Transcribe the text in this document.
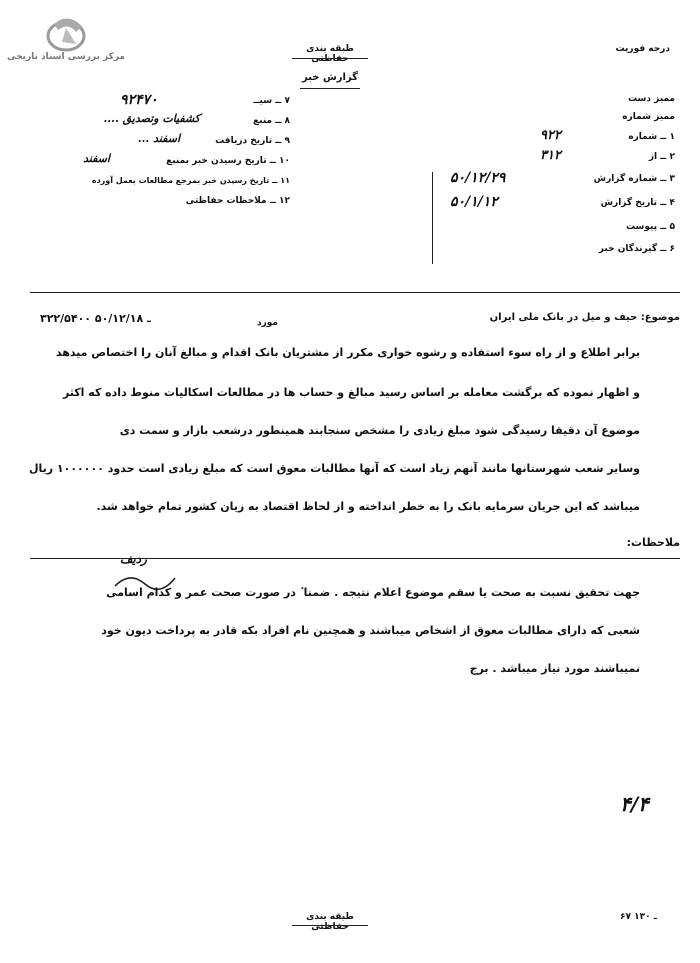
مرکز بررسی اسناد تاریخی
طبقه بندی حفاظتی
گزارش خبر
درجه فوریت
ممیز دست
ممیز شماره
۱ ــ شماره
۹۲۲
۲ ــ از
۳۱۲
۳ ــ شماره گزارش
۵۰/۱۲/۲۹
۴ ــ تاریخ گزارش
۵۰/۱/۱۲
۵ ــ پیوست
۶ ــ گیرندگان خبر
۷ ــ سیــ
۹۲۴۷۰
۸ ــ منبع
کشفیات وتصدیق ....
۹ ــ تاریخ دریافت
اسفند ...
۱۰ ــ تاریخ رسیدن خبر بمنبع
اسفند
۱۱ ــ تاریخ رسیدن خبر بمرجع مطالعات بعمل آورده
۱۲ ــ ملاحظات حفاظتی
موضوع: حیف و میل در بانک ملی ایران
مورد
۳۲۲/۵۴۰۰ ـ ۵۰/۱۲/۱۸
برابر اطلاع و از راه سوء استفاده و رشوه خواری مکرر از مشتریان بانک اقدام و مبالغ آنان را اختصاص میدهد
و اظهار نموده که برگشت معامله بر اساس رسید مبالغ و حساب ها در مطالعات اسکالیات منوط داده که اکثر
موضوع آن دقیقا رسیدگی شود مبلغ زیادی را مشخص سنجابند همینطور درشعب بازار و سمت دی
وسایر شعب شهرستانها مانند آنهم زیاد است که آنها مطالبات معوق است که مبلغ زیادی است حدود ۱۰۰۰۰۰۰ ریال
میباشد که این جریان سرمایه بانک را به خطر انداخته و از لحاظ اقتصاد به زیان کشور تمام خواهد شد.
ملاحظات:
ردیف
جهت تحقیق نسبت به صحت یا سقم موضوع اعلام نتیجه . ضمنا ٔ در صورت صحت عمر و کدام اسامی
شعبی که دارای مطالبات معوق از اشخاص میباشند و همچنین نام افراد بکه قادر به پرداخت دیون خود
نمیباشند مورد نیاز میباشد . برج
۴/۴
طبقه بندی حفاظتی
۶۷ ـ ۱۳۰
